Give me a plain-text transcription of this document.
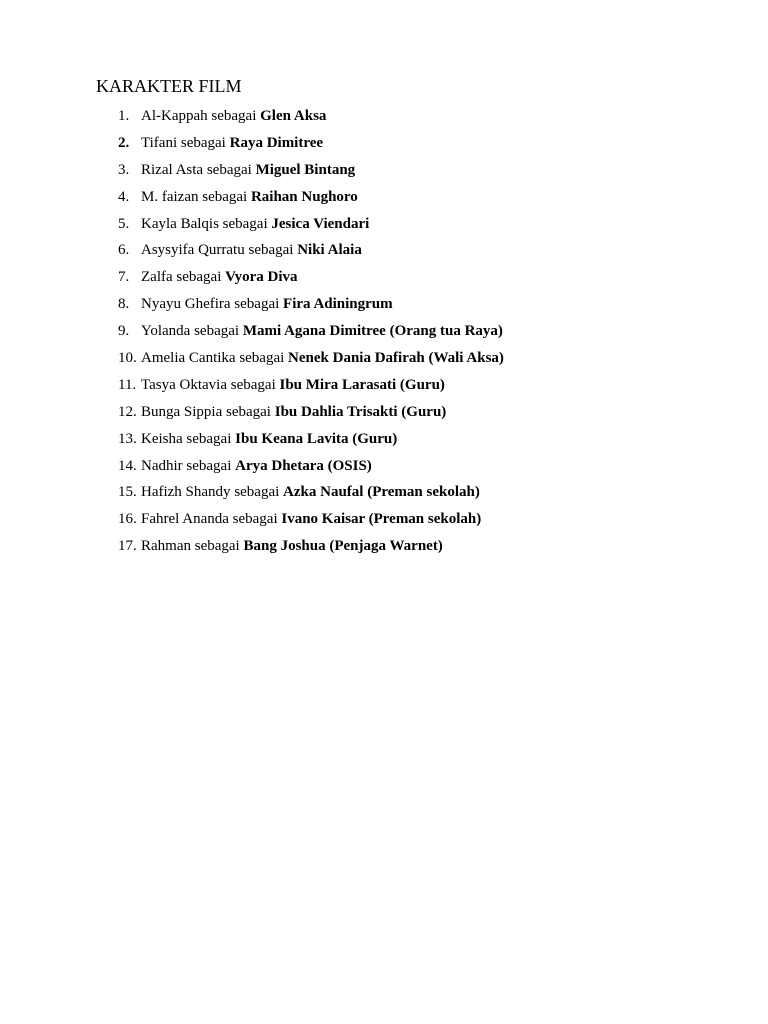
KARAKTER FILM
1. Al-Kappah sebagai Glen Aksa
2. Tifani sebagai Raya Dimitree
3. Rizal Asta sebagai Miguel Bintang
4. M. faizan sebagai Raihan Nughoro
5. Kayla Balqis sebagai Jesica Viendari
6. Asysyifa Qurratu sebagai Niki Alaia
7. Zalfa sebagai Vyora Diva
8. Nyayu Ghefira sebagai Fira Adiningrum
9. Yolanda sebagai Mami Agana Dimitree (Orang tua Raya)
10. Amelia Cantika sebagai Nenek Dania Dafirah (Wali Aksa)
11. Tasya Oktavia sebagai Ibu Mira Larasati (Guru)
12. Bunga Sippia sebagai Ibu Dahlia Trisakti (Guru)
13. Keisha sebagai Ibu Keana Lavita (Guru)
14. Nadhir sebagai Arya Dhetara (OSIS)
15. Hafizh Shandy sebagai Azka Naufal (Preman sekolah)
16. Fahrel Ananda sebagai Ivano Kaisar (Preman sekolah)
17. Rahman sebagai Bang Joshua (Penjaga Warnet)
